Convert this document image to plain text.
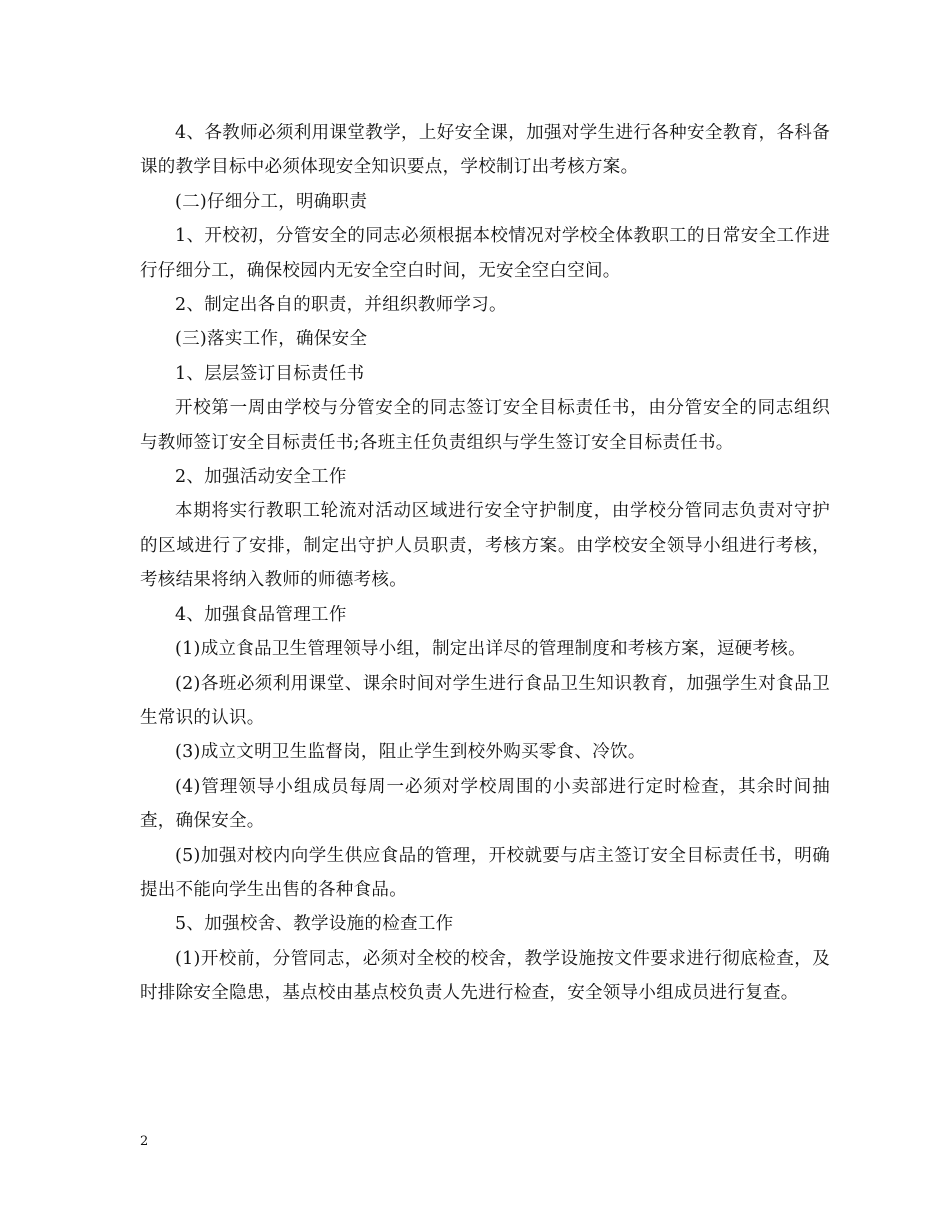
4、各教师必须利用课堂教学，上好安全课，加强对学生进行各种安全教育，各科备课的教学目标中必须体现安全知识要点，学校制订出考核方案。

(二)仔细分工，明确职责

1、开校初，分管安全的同志必须根据本校情况对学校全体教职工的日常安全工作进行仔细分工，确保校园内无安全空白时间，无安全空白空间。

2、制定出各自的职责，并组织教师学习。

(三)落实工作，确保安全

1、层层签订目标责任书

开校第一周由学校与分管安全的同志签订安全目标责任书，由分管安全的同志组织与教师签订安全目标责任书;各班主任负责组织与学生签订安全目标责任书。

2、加强活动安全工作

本期将实行教职工轮流对活动区域进行安全守护制度，由学校分管同志负责对守护的区域进行了安排，制定出守护人员职责，考核方案。由学校安全领导小组进行考核，考核结果将纳入教师的师德考核。

4、加强食品管理工作

(1)成立食品卫生管理领导小组，制定出详尽的管理制度和考核方案，逗硬考核。

(2)各班必须利用课堂、课余时间对学生进行食品卫生知识教育，加强学生对食品卫生常识的认识。

(3)成立文明卫生监督岗，阻止学生到校外购买零食、冷饮。

(4)管理领导小组成员每周一必须对学校周围的小卖部进行定时检查，其余时间抽查，确保安全。

(5)加强对校内向学生供应食品的管理，开校就要与店主签订安全目标责任书，明确提出不能向学生出售的各种食品。

5、加强校舍、教学设施的检查工作

(1)开校前，分管同志，必须对全校的校舍，教学设施按文件要求进行彻底检查，及时排除安全隐患，基点校由基点校负责人先进行检查，安全领导小组成员进行复查。

2
